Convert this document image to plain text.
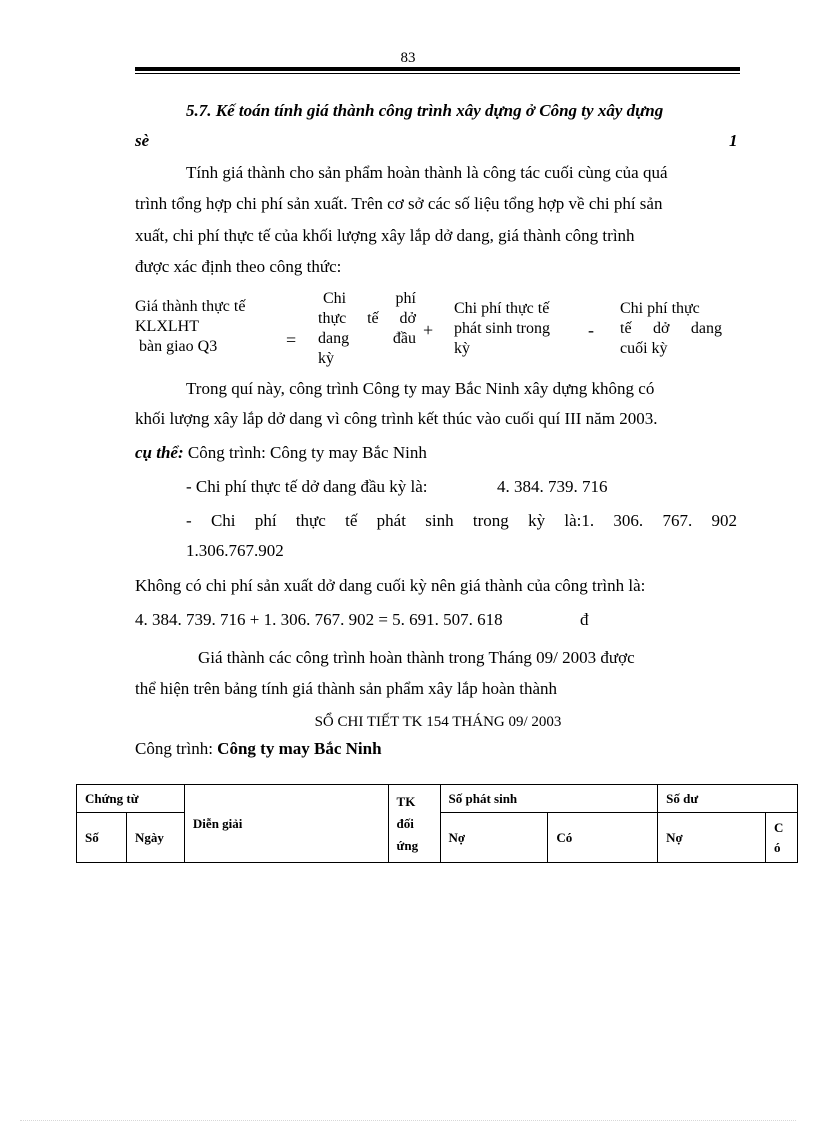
83
5.7. Kế toán tính giá thành công trình xây dựng ở Công ty xây dựng
sè	1
Tính giá thành cho sản phẩm hoàn thành là công tác cuối cùng của quá
trình tổng hợp chi phí sản xuất. Trên cơ sở các số liệu tổng hợp về chi phí sản
xuất, chi phí thực tế của khối lượng xây lắp dở dang, giá thành công trình
được xác định theo công thức:
Giá thành thực tế
KLXLHT
bàn giao Q3	=
Chi phí
thực tế dở
dang đầu
kỳ
+
Chi phí thực tế
phát sinh trong
kỳ
-
Chi phí thực
tế dở dang
cuối kỳ
Trong quí này, công trình Công ty may Bắc Ninh xây dựng không có
khối lượng xây lắp dở dang vì công trình kết thúc vào cuối quí III năm 2003.
cụ thể: Công trình: Công ty may Bắc Ninh
- Chi phí thực tế dở dang đầu kỳ là:	4. 384. 739. 716
- Chi phí thực tế phát sinh trong kỳ là:1. 306. 767. 902
1.306.767.902
Không có chi phí sản xuất dở dang cuối kỳ nên giá thành của công trình là:
4. 384. 739. 716 + 1. 306. 767. 902 = 5. 691. 507. 618	đ
Giá thành các công trình hoàn thành trong Tháng 09/ 2003 được
thể hiện trên bảng tính giá thành sản phẩm xây lắp hoàn thành
SỔ CHI TIẾT TK 154 THÁNG 09/ 2003
Công trình: Công ty may Bắc Ninh
Chứng từ		Diễn giải	TK
đối
ứng	Số phát sinh		Số dư	
Số	Ngày			Nợ	Có	Nợ	C
ó
